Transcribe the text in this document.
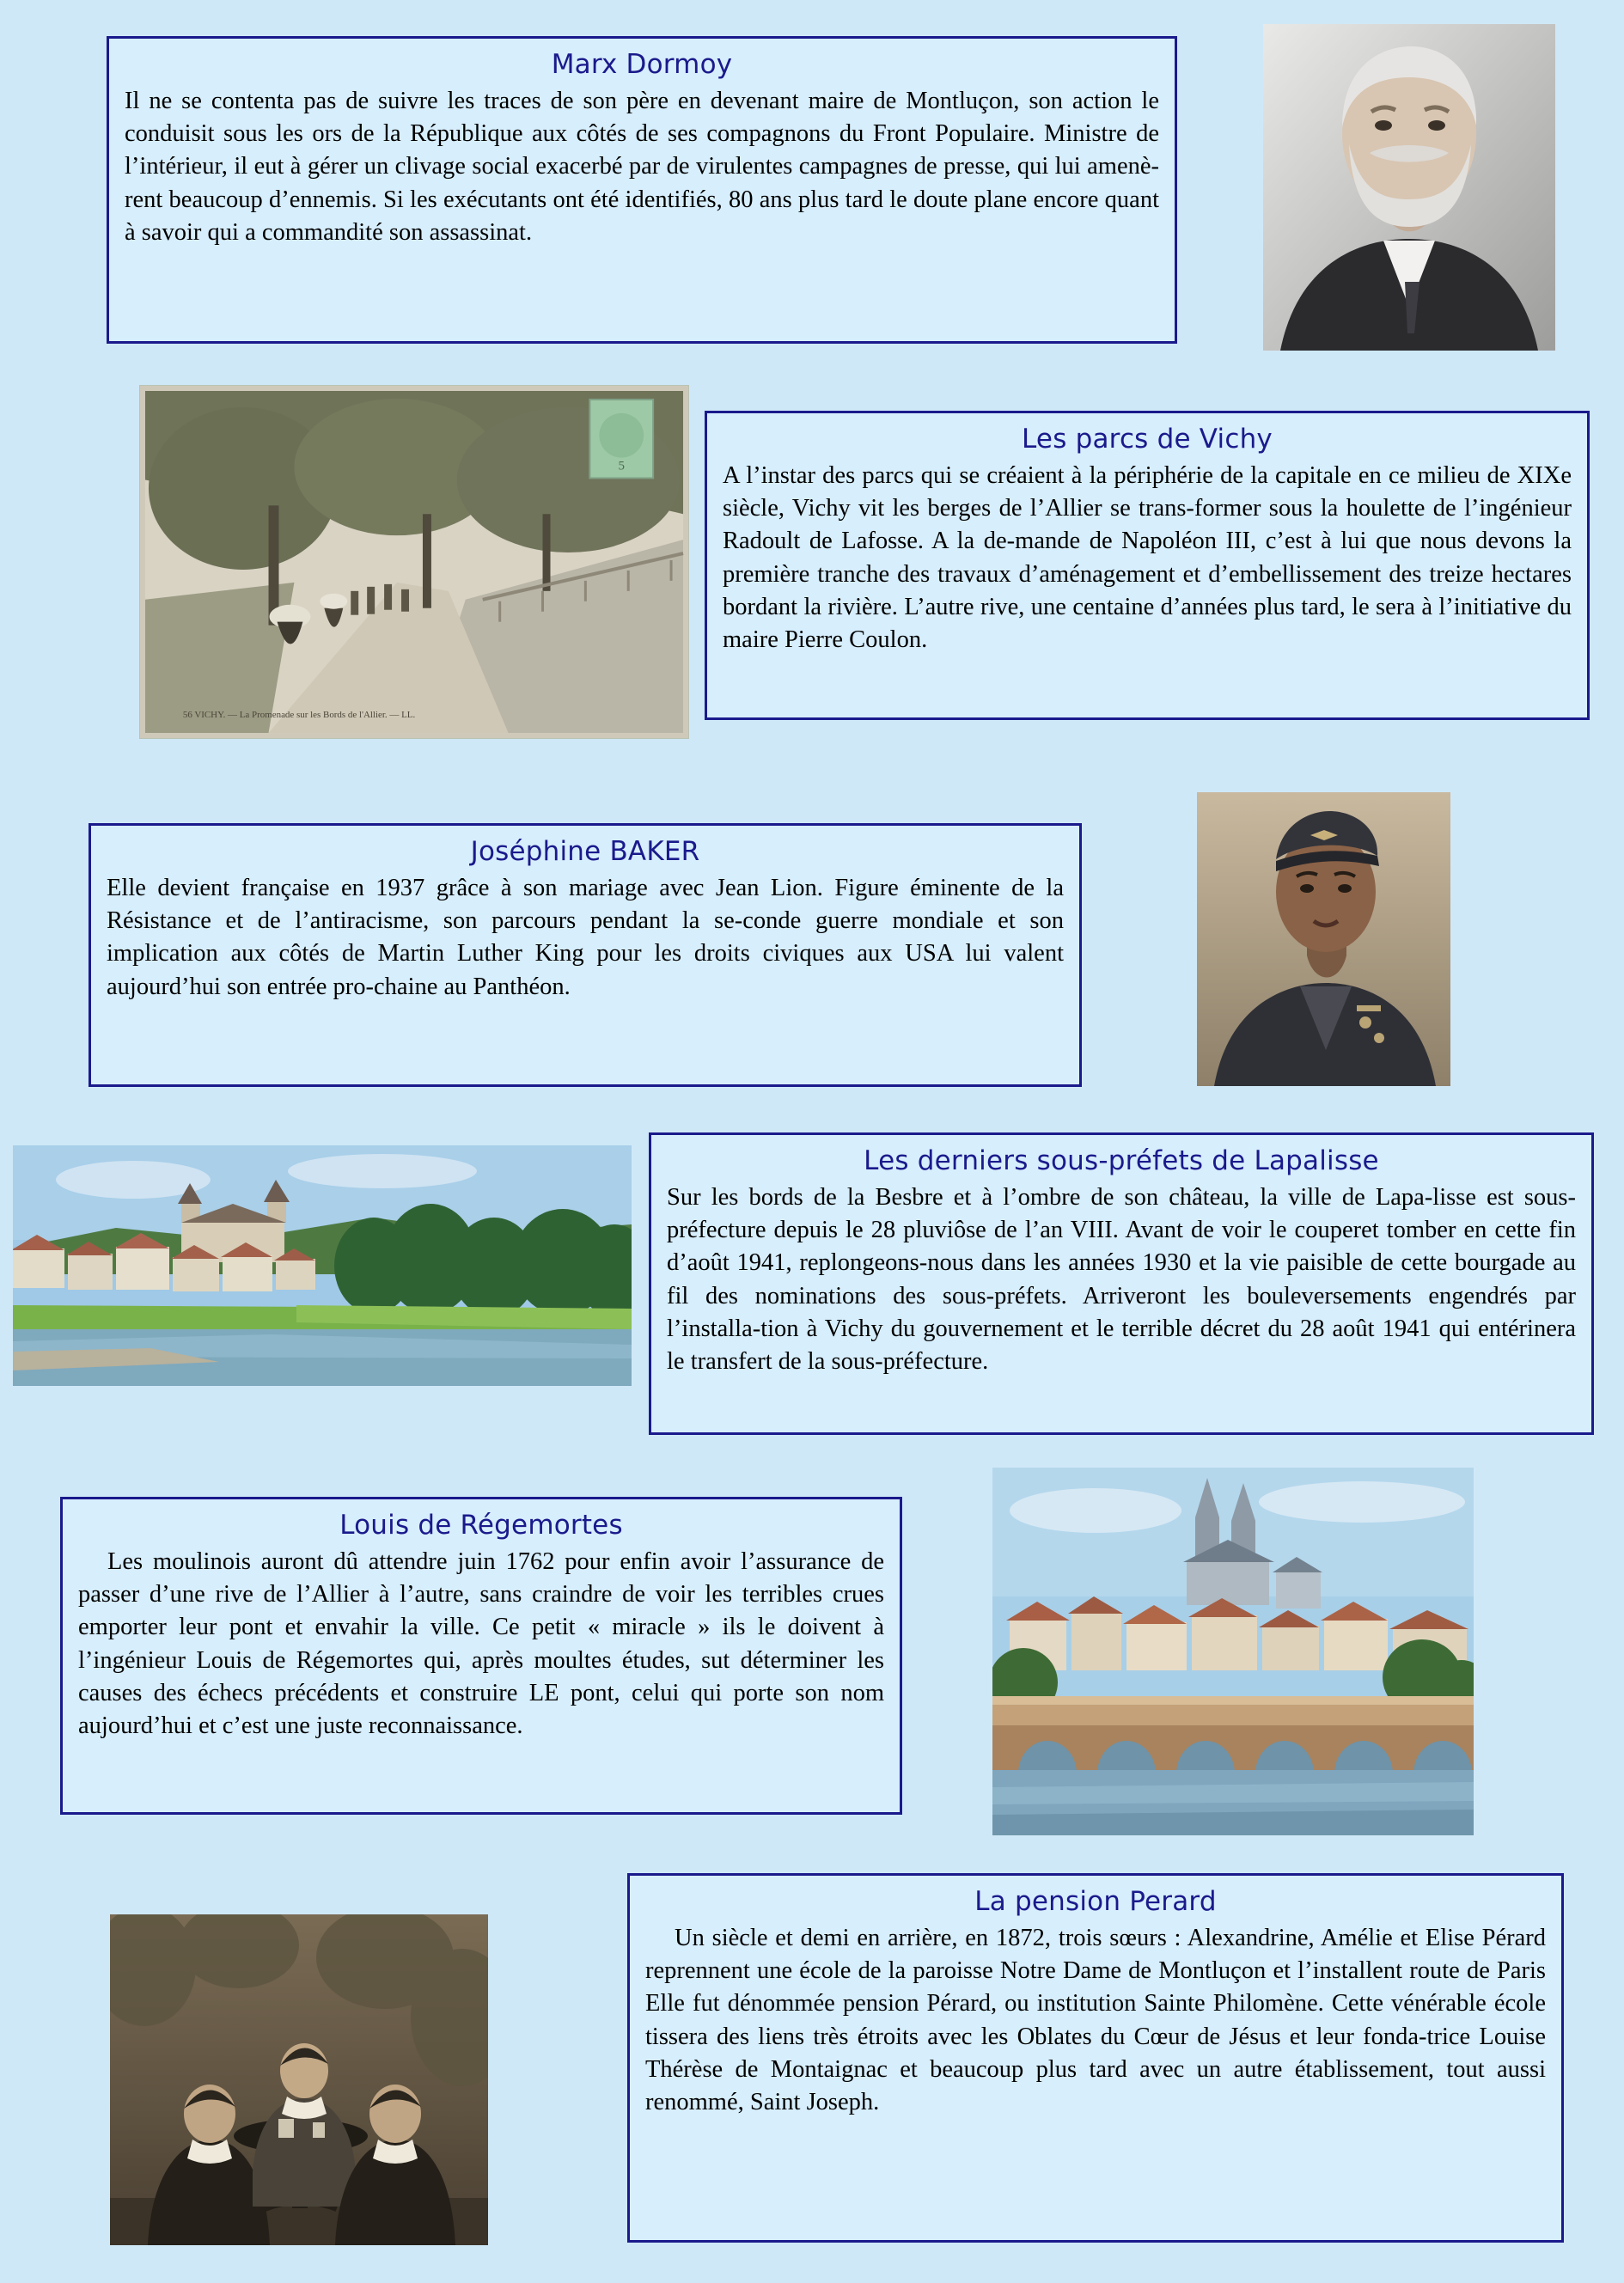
Marx Dormoy
Il ne se contenta pas de suivre les traces de son père en devenant maire de Montluçon, son action le conduisit sous les ors de la République aux côtés de ses compagnons du Front Populaire. Ministre de l’intérieur, il eut à gérer un clivage social exacerbé par de virulentes campagnes de presse, qui lui amenè-rent beaucoup d’ennemis. Si les exécutants ont été identifiés, 80 ans plus tard le doute plane encore quant à savoir qui a commandité son assassinat.
5
56 VICHY. — La Promenade sur les Bords de l'Allier. — LL.
Les parcs de Vichy
A l’instar des parcs qui se créaient à la périphérie de la capitale en ce milieu de XIXe siècle, Vichy vit les berges de l’Allier se trans-former sous la houlette de l’ingénieur Radoult de Lafosse. A la de-mande de Napoléon III, c’est à lui que nous devons la première tranche des travaux d’aménagement et d’embellissement des treize hectares bordant la rivière. L’autre rive, une centaine d’années plus tard, le sera à l’initiative du maire Pierre Coulon.
Joséphine BAKER
Elle devient française en 1937 grâce à son mariage avec Jean Lion. Figure éminente de la Résistance et de l’antiracisme, son parcours pendant la se-conde guerre mondiale et son implication aux côtés de Martin Luther King pour les droits civiques aux USA lui valent aujourd’hui son entrée pro-chaine au Panthéon.
Les derniers sous-préfets de Lapalisse
Sur les bords de la Besbre et à l’ombre de son château, la ville de Lapa-lisse est sous-préfecture depuis le 28 pluviôse de l’an VIII. Avant de voir le couperet tomber en cette fin d’août 1941, replongeons-nous dans les années 1930 et la vie paisible de cette bourgade au fil des nominations des sous-préfets. Arriveront les bouleversements engendrés par l’installa-tion à Vichy du gouvernement et le terrible décret du 28 août 1941 qui entérinera le transfert de la sous-préfecture.
Louis de Régemortes
Les moulinois auront dû attendre juin 1762 pour enfin avoir l’assurance de passer d’une rive de l’Allier à l’autre, sans craindre de voir les terribles crues emporter leur pont et envahir la ville. Ce petit « miracle » ils le doivent à l’ingénieur Louis de Régemortes qui, après moultes études, sut déterminer les causes des échecs précédents et construire LE pont, celui qui porte son nom aujourd’hui et c’est une juste reconnaissance.
La pension Perard
Un siècle et demi en arrière, en 1872, trois sœurs : Alexandrine, Amélie et Elise Pérard reprennent une école de la paroisse Notre Dame de Montluçon et l’installent route de Paris Elle fut dénommée pension Pérard, ou institution Sainte Philomène. Cette vénérable école tissera des liens très étroits avec les Oblates du Cœur de Jésus et leur fonda-trice Louise Thérèse de Montaignac et beaucoup plus tard avec un autre établissement, tout aussi renommé, Saint Joseph.
